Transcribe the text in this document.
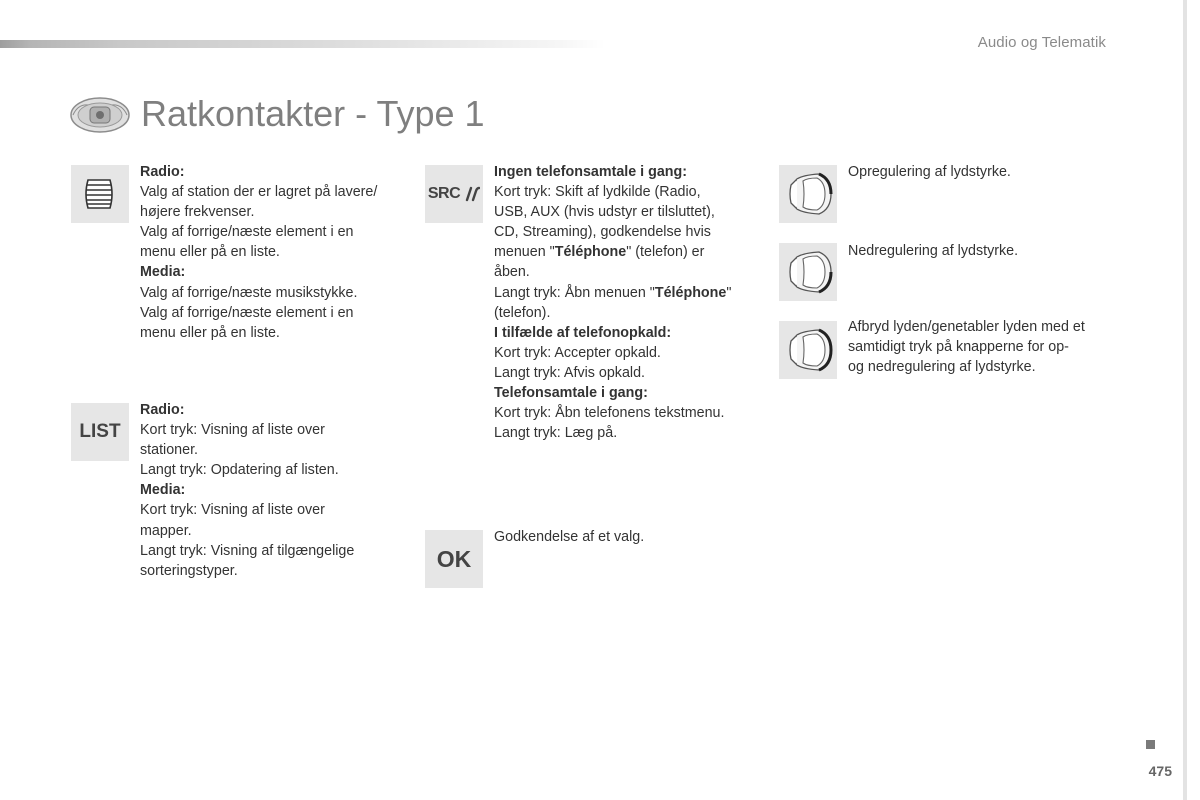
Audio og Telematik
Ratkontakter - Type 1

Radio:

Valg af station der er lagret på lavere/

højere frekvenser.

Valg af forrige/næste element i en

menu eller på en liste.

Media:

Valg af forrige/næste musikstykke.

Valg af forrige/næste element i en

menu eller på en liste.

LIST

Radio:

Kort tryk: Visning af liste over

stationer.

Langt tryk: Opdatering af listen.

Media:

Kort tryk: Visning af liste over

mapper.

Langt tryk: Visning af tilgængelige

sorteringstyper.

SRC

Ingen telefonsamtale i gang:

Kort tryk: Skift af lydkilde (Radio,

USB, AUX (hvis udstyr er tilsluttet),

CD, Streaming), godkendelse hvis

menuen "Téléphone" (telefon) er

åben.

Langt tryk: Åbn menuen "Téléphone"

(telefon).

I tilfælde af telefonopkald:

Kort tryk: Accepter opkald.

Langt tryk: Afvis opkald.

Telefonsamtale i gang:

Kort tryk: Åbn telefonens tekstmenu.

Langt tryk: Læg på.

OK

Godkendelse af et valg.

Opregulering af lydstyrke.

Nedregulering af lydstyrke.

Afbryd lyden/genetabler lyden med et

samtidigt tryk på knapperne for op-

og nedregulering af lydstyrke.

475
